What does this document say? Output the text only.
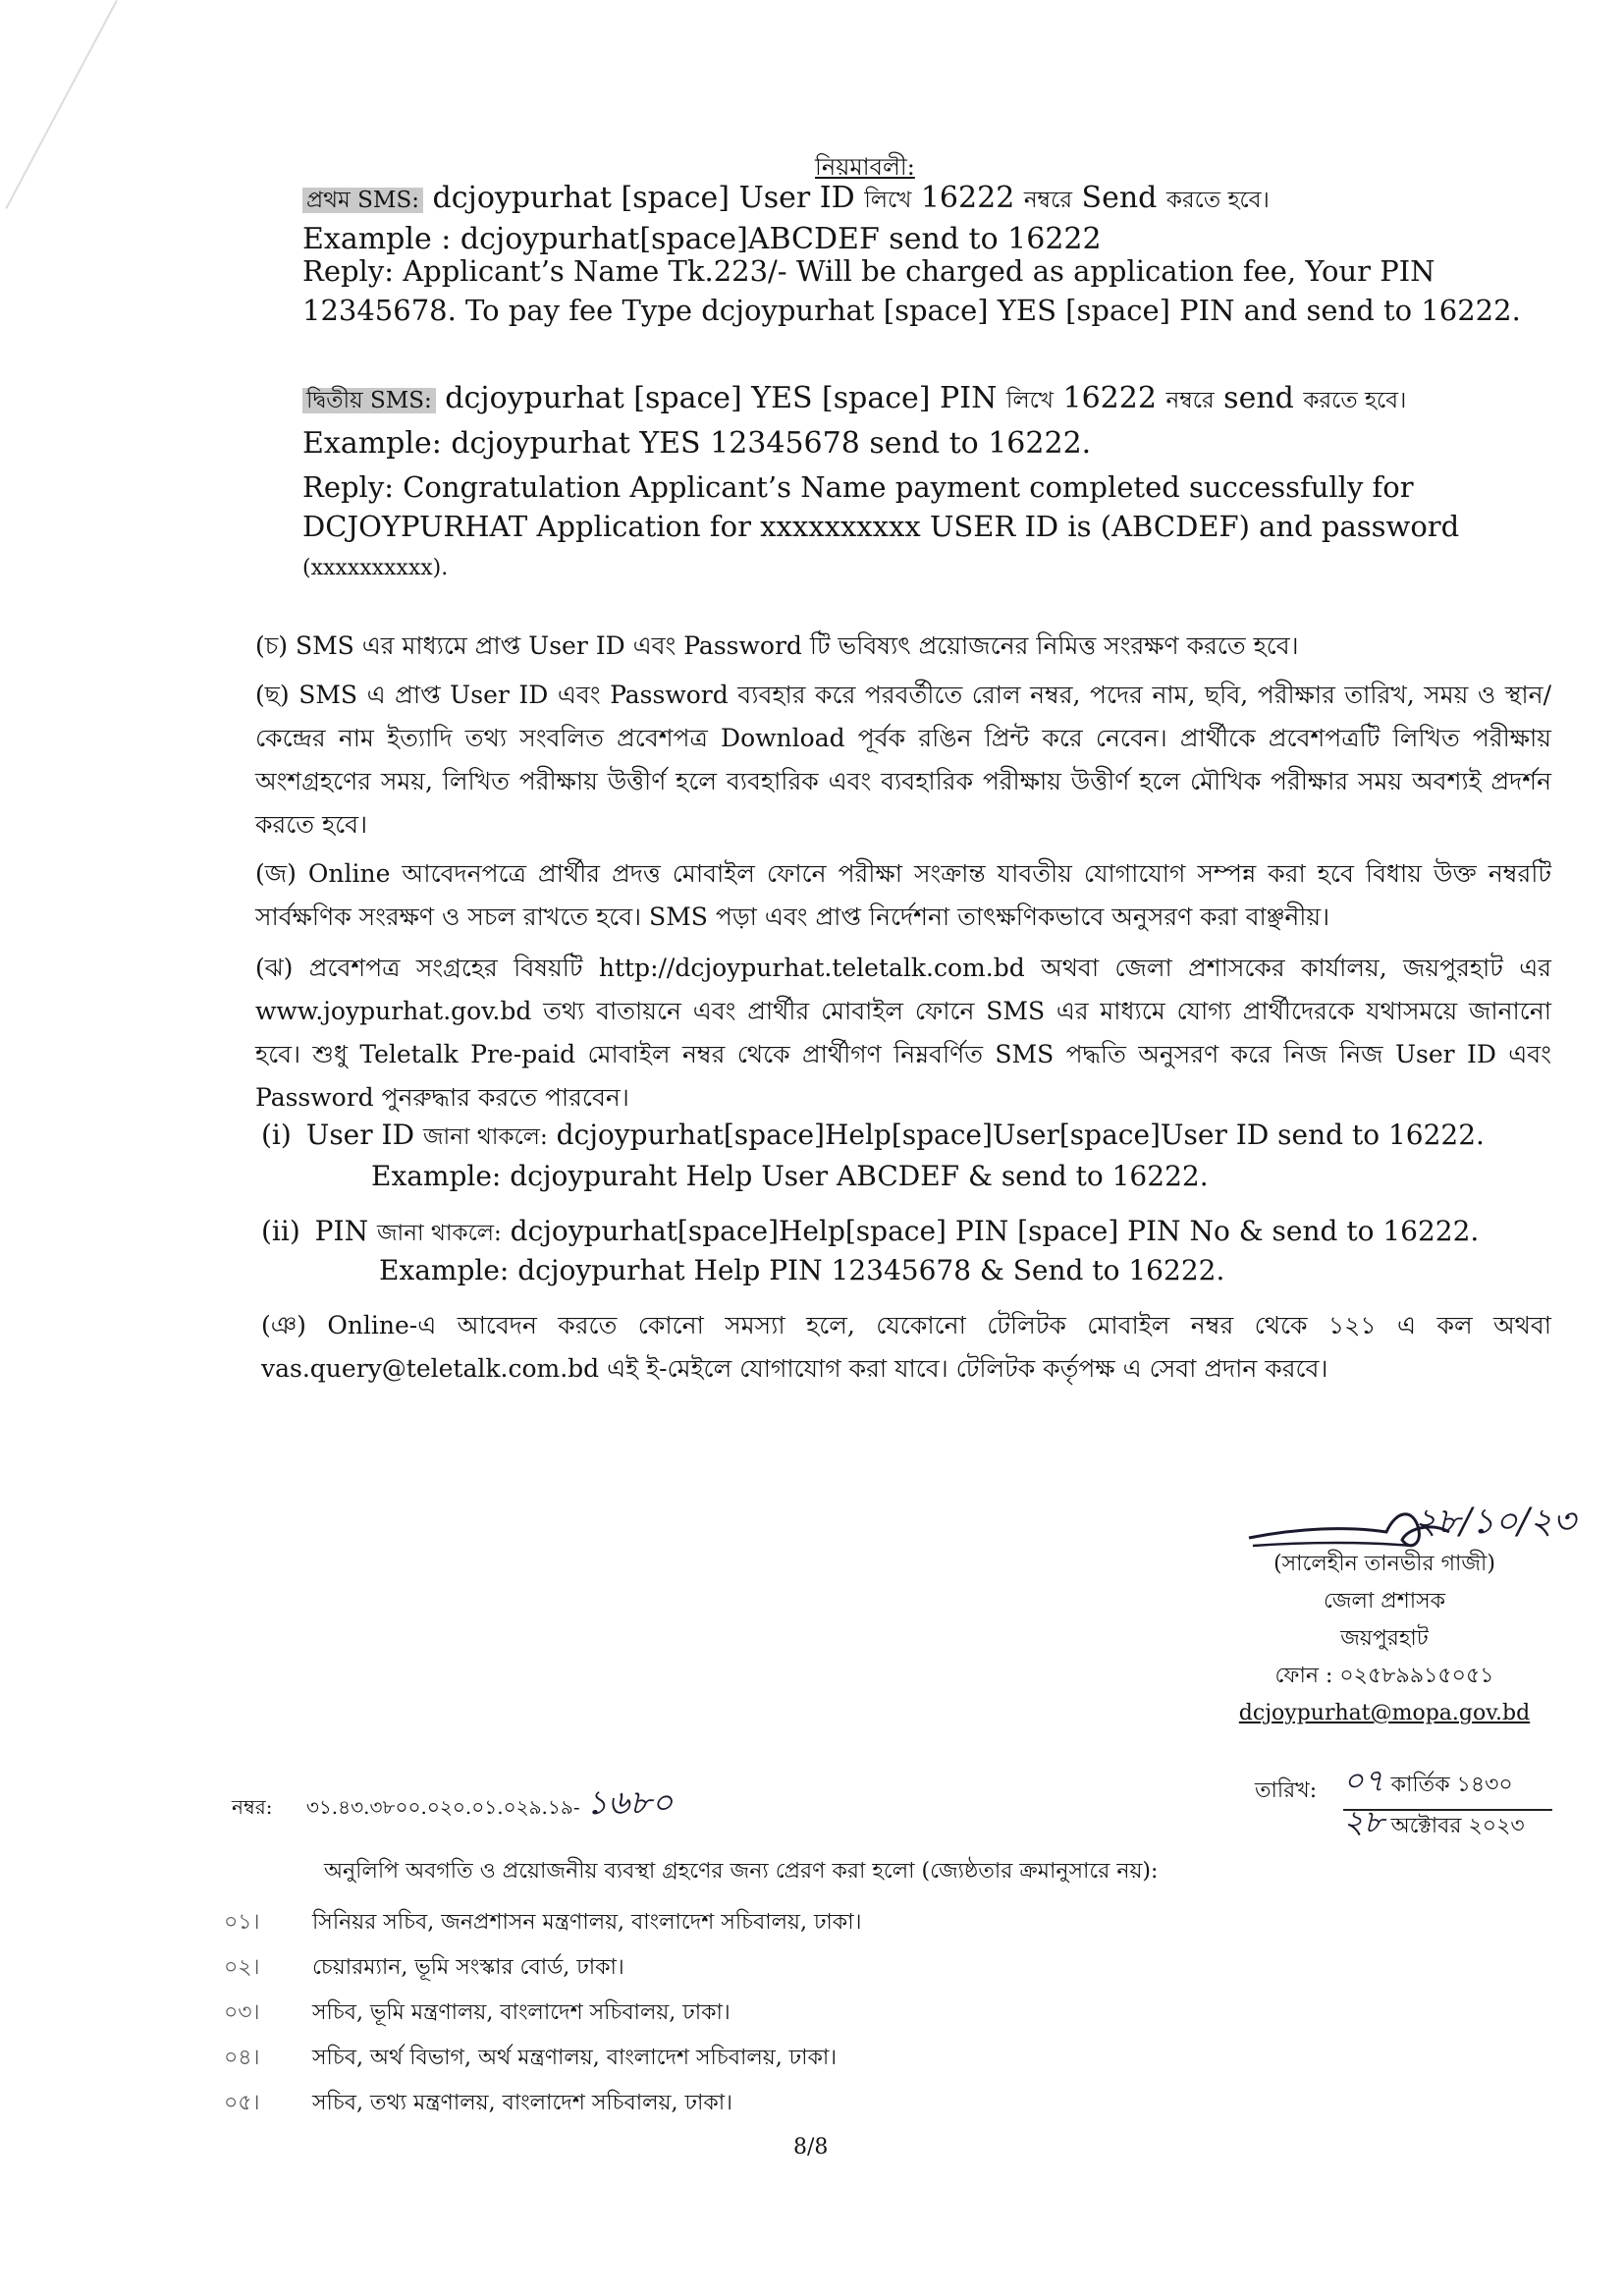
নিয়মাবলী:
প্রথম SMS: dcjoypurhat [space] User ID লিখে 16222 নম্বরে Send করতে হবে।
Example : dcjoypurhat[space]ABCDEF send to 16222
Reply: Applicant’s Name Tk.223/- Will be charged as application fee, Your PIN
12345678. To pay fee Type dcjoypurhat [space] YES [space] PIN and send to 16222.
দ্বিতীয় SMS: dcjoypurhat [space] YES [space] PIN লিখে 16222 নম্বরে send করতে হবে।
Example: dcjoypurhat YES 12345678 send to 16222.
Reply: Congratulation Applicant’s Name payment completed successfully for
DCJOYPURHAT Application for xxxxxxxxxx USER ID is (ABCDEF) and password
(xxxxxxxxxx).
(চ) SMS এর মাধ্যমে প্রাপ্ত User ID এবং Password টি ভবিষ্যৎ প্রয়োজনের নিমিত্ত সংরক্ষণ করতে হবে।
(ছ) SMS এ প্রাপ্ত User ID এবং Password ব্যবহার করে পরবর্তীতে রোল নম্বর, পদের নাম, ছবি, পরীক্ষার তারিখ, সময় ও স্থান/কেন্দ্রের নাম ইত্যাদি তথ্য সংবলিত প্রবেশপত্র Download পূর্বক রঙিন প্রিন্ট করে নেবেন। প্রার্থীকে প্রবেশপত্রটি লিখিত পরীক্ষায় অংশগ্রহণের সময়, লিখিত পরীক্ষায় উত্তীর্ণ হলে ব্যবহারিক এবং ব্যবহারিক পরীক্ষায় উত্তীর্ণ হলে মৌখিক পরীক্ষার সময় অবশ্যই প্রদর্শন করতে হবে।
(জ) Online আবেদনপত্রে প্রার্থীর প্রদত্ত মোবাইল ফোনে পরীক্ষা সংক্রান্ত যাবতীয় যোগাযোগ সম্পন্ন করা হবে বিধায় উক্ত নম্বরটি সার্বক্ষণিক সংরক্ষণ ও সচল রাখতে হবে। SMS পড়া এবং প্রাপ্ত নির্দেশনা তাৎক্ষণিকভাবে অনুসরণ করা বাঞ্ছনীয়।
(ঝ) প্রবেশপত্র সংগ্রহের বিষয়টি http://dcjoypurhat.teletalk.com.bd অথবা জেলা প্রশাসকের কার্যালয়, জয়পুরহাট এর www.joypurhat.gov.bd তথ্য বাতায়নে এবং প্রার্থীর মোবাইল ফোনে SMS এর মাধ্যমে যোগ্য প্রার্থীদেরকে যথাসময়ে জানানো হবে। শুধু Teletalk Pre-paid মোবাইল নম্বর থেকে প্রার্থীগণ নিম্নবর্ণিত SMS পদ্ধতি অনুসরণ করে নিজ নিজ User ID এবং Password পুনরুদ্ধার করতে পারবেন।
(i) User ID জানা থাকলে: dcjoypurhat[space]Help[space]User[space]User ID send to 16222.
Example: dcjoypuraht Help User ABCDEF & send to 16222.
(ii) PIN জানা থাকলে: dcjoypurhat[space]Help[space] PIN [space] PIN No & send to 16222.
Example: dcjoypurhat Help PIN 12345678 & Send to 16222.
(ঞ) Online-এ আবেদন করতে কোনো সমস্যা হলে, যেকোনো টেলিটক মোবাইল নম্বর থেকে ১২১ এ কল অথবা vas.query@teletalk.com.bd এই ই-মেইলে যোগাযোগ করা যাবে। টেলিটক কর্তৃপক্ষ এ সেবা প্রদান করবে।
২৮/১০/২৩
(সালেহীন তানভীর গাজী)
জেলা প্রশাসক
জয়পুরহাট
ফোন : ০২৫৮৯৯১৫০৫১
dcjoypurhat@mopa.gov.bd
নম্বর: ৩১.৪৩.৩৮০০.০২০.০১.০২৯.১৯- ১৬৮০	তারিখ: ০৭ কার্তিক ১৪৩০
২৮ অক্টোবর ২০২৩
অনুলিপি অবগতি ও প্রয়োজনীয় ব্যবস্থা গ্রহণের জন্য প্রেরণ করা হলো (জ্যেষ্ঠতার ক্রমানুসারে নয়):
০১। সিনিয়র সচিব, জনপ্রশাসন মন্ত্রণালয়, বাংলাদেশ সচিবালয়, ঢাকা।
০২। চেয়ারম্যান, ভূমি সংস্কার বোর্ড, ঢাকা।
০৩। সচিব, ভূমি মন্ত্রণালয়, বাংলাদেশ সচিবালয়, ঢাকা।
০৪। সচিব, অর্থ বিভাগ, অর্থ মন্ত্রণালয়, বাংলাদেশ সচিবালয়, ঢাকা।
০৫। সচিব, তথ্য মন্ত্রণালয়, বাংলাদেশ সচিবালয়, ঢাকা।
8/8
